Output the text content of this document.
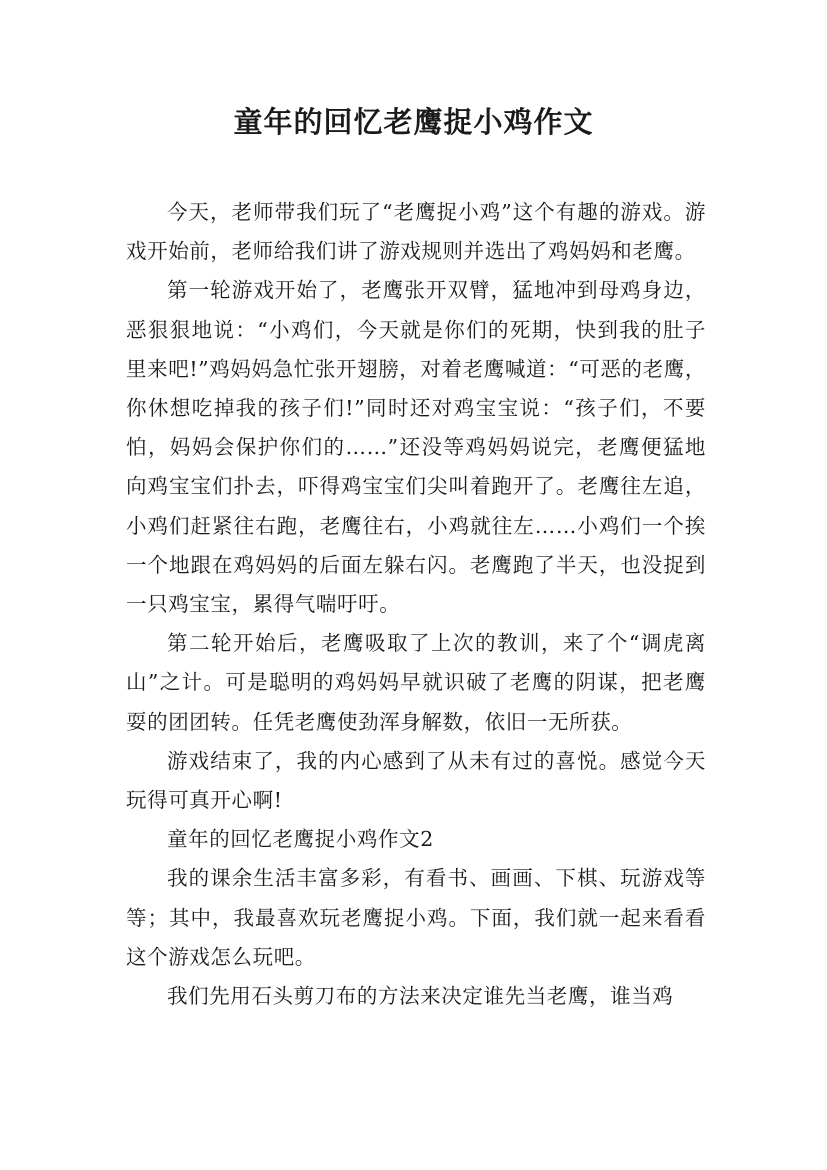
童年的回忆老鹰捉小鸡作文

今天，老师带我们玩了“老鹰捉小鸡”这个有趣的游戏。游戏开始前，老师给我们讲了游戏规则并选出了鸡妈妈和老鹰。

第一轮游戏开始了，老鹰张开双臂，猛地冲到母鸡身边，恶狠狠地说：“小鸡们，今天就是你们的死期，快到我的肚子里来吧!”鸡妈妈急忙张开翅膀，对着老鹰喊道：“可恶的老鹰，你休想吃掉我的孩子们!”同时还对鸡宝宝说：“孩子们，不要怕，妈妈会保护你们的……”还没等鸡妈妈说完，老鹰便猛地向鸡宝宝们扑去，吓得鸡宝宝们尖叫着跑开了。老鹰往左追，小鸡们赶紧往右跑，老鹰往右，小鸡就往左……小鸡们一个挨一个地跟在鸡妈妈的后面左躲右闪。老鹰跑了半天，也没捉到一只鸡宝宝，累得气喘吁吁。

第二轮开始后，老鹰吸取了上次的教训，来了个“调虎离山”之计。可是聪明的鸡妈妈早就识破了老鹰的阴谋，把老鹰耍的团团转。任凭老鹰使劲浑身解数，依旧一无所获。

游戏结束了，我的内心感到了从未有过的喜悦。感觉今天玩得可真开心啊!

童年的回忆老鹰捉小鸡作文2

我的课余生活丰富多彩，有看书、画画、下棋、玩游戏等等；其中，我最喜欢玩老鹰捉小鸡。下面，我们就一起来看看这个游戏怎么玩吧。

我们先用石头剪刀布的方法来决定谁先当老鹰，谁当鸡
